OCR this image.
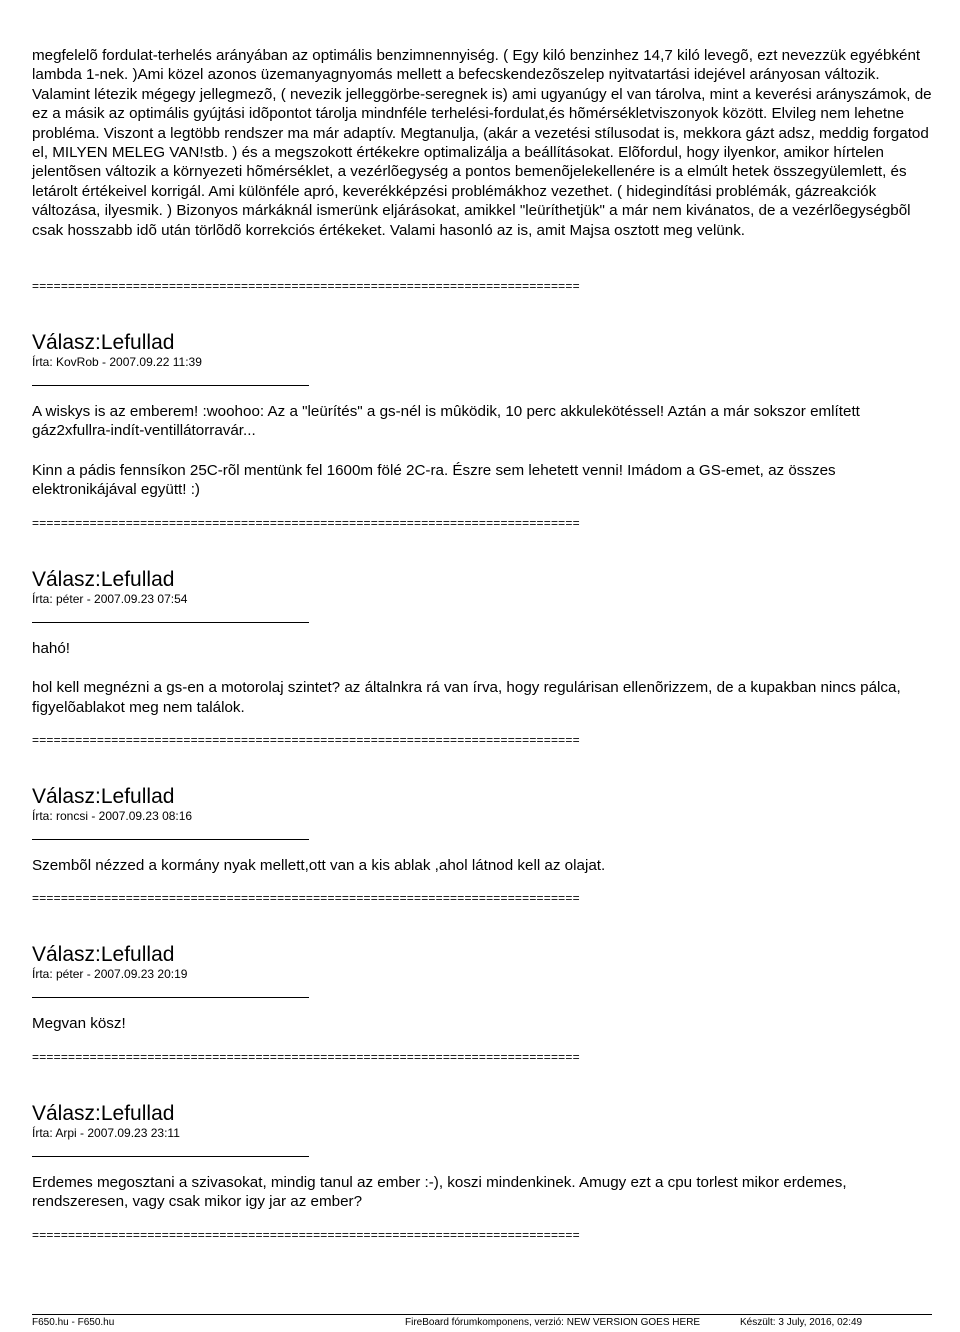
megfelelõ fordulat-terhelés arányában az optimális benzimnennyiség. ( Egy kiló benzinhez 14,7 kiló levegõ, ezt nevezzük egyébként lambda 1-nek. )Ami közel azonos üzemanyagnyomás mellett a befecskendezõszelep nyitvatartási idejével arányosan változik. Valamint létezik mégegy jellegmezõ, ( nevezik jelleggörbe-seregnek is) ami ugyanúgy el van tárolva, mint a keverési arányszámok, de ez a másik az optimális gyújtási idõpontot tárolja mindnféle terhelési-fordulat,és hõmérsékletviszonyok között. Elvileg nem lehetne probléma. Viszont a legtöbb rendszer ma már adaptív. Megtanulja, (akár a vezetési stílusodat is, mekkora gázt adsz, meddig forgatod el, MILYEN MELEG VAN!stb. ) és a megszokott értékekre optimalizálja a beállításokat. Elõfordul, hogy ilyenkor, amikor hírtelen jelentõsen változik a környezeti hõmérséklet, a vezérlõegység a pontos bemenõjelekellenére is a elmúlt hetek összegyülemlett, és letárolt értékeivel korrigál. Ami különféle apró, keverékképzési problémákhoz vezethet. ( hidegindítási problémák, gázreakciók változása, ilyesmik. ) Bizonyos márkáknál ismerünk eljárásokat, amikkel "leüríthetjük" a már nem kivánatos, de a vezérlõegységbõl csak hosszabb idõ után törlõdõ korrekciós értékeket. Valami hasonló az is, amit Majsa osztott meg velünk.

============================================================================
Válasz:Lefullad
Írta: KovRob - 2007.09.22 11:39

A wiskys is az emberem! :woohoo: Az a "leürítés" a gs-nél is mûködik, 10 perc akkulekötéssel! Aztán a már sokszor említett gáz2xfullra-indít-ventillátorravár...

Kinn a pádis fennsíkon 25C-rõl mentünk fel 1600m fölé 2C-ra. Észre sem lehetett venni! Imádom a GS-emet, az összes elektronikájával együtt! :)

============================================================================
Válasz:Lefullad
Írta: péter - 2007.09.23 07:54

hahó!

hol kell megnézni a gs-en a motorolaj szintet? az általnkra rá van írva, hogy regulárisan ellenõrizzem, de a kupakban nincs pálca, figyelõablakot meg nem találok.

============================================================================
Válasz:Lefullad
Írta: roncsi - 2007.09.23 08:16

Szembõl nézzed a kormány nyak mellett,ott van a kis ablak ,ahol látnod kell az olajat.

============================================================================
Válasz:Lefullad
Írta: péter - 2007.09.23 20:19

Megvan kösz!

============================================================================
Válasz:Lefullad
Írta: Arpi - 2007.09.23 23:11

Erdemes megosztani a szivasokat, mindig tanul az ember :-), koszi mindenkinek. Amugy ezt a cpu torlest mikor erdemes, rendszeresen, vagy csak mikor igy jar az ember?

============================================================================
F650.hu - F650.hu	FireBoard fórumkomponens, verzió: NEW VERSION GOES HERE	Készült: 3 July, 2016, 02:49
